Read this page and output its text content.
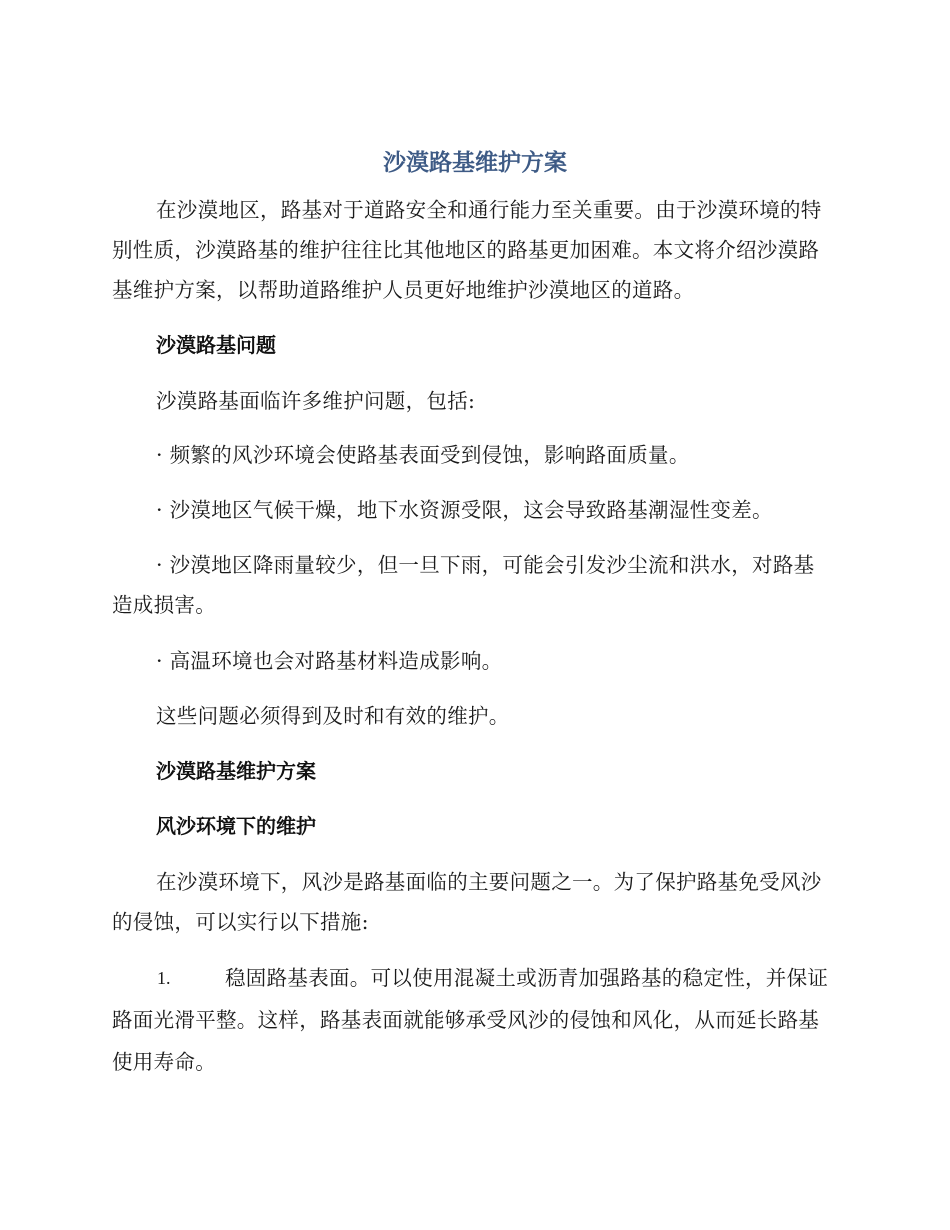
沙漠路基维护方案

在沙漠地区，路基对于道路安全和通行能力至关重要。由于沙漠环境的特别性质，沙漠路基的维护往往比其他地区的路基更加困难。本文将介绍沙漠路基维护方案，以帮助道路维护人员更好地维护沙漠地区的道路。

沙漠路基问题
沙漠路基面临许多维护问题，包括:
· 频繁的风沙环境会使路基表面受到侵蚀，影响路面质量。
· 沙漠地区气候干燥，地下水资源受限，这会导致路基潮湿性变差。
· 沙漠地区降雨量较少，但一旦下雨，可能会引发沙尘流和洪水，对路基造成损害。
· 高温环境也会对路基材料造成影响。
这些问题必须得到及时和有效的维护。
沙漠路基维护方案
风沙环境下的维护

在沙漠环境下，风沙是路基面临的主要问题之一。为了保护路基免受风沙的侵蚀，可以实行以下措施:

1.	稳固路基表面。可以使用混凝土或沥青加强路基的稳定性，并保证路面光滑平整。这样，路基表面就能够承受风沙的侵蚀和风化，从而延长路基使用寿命。
